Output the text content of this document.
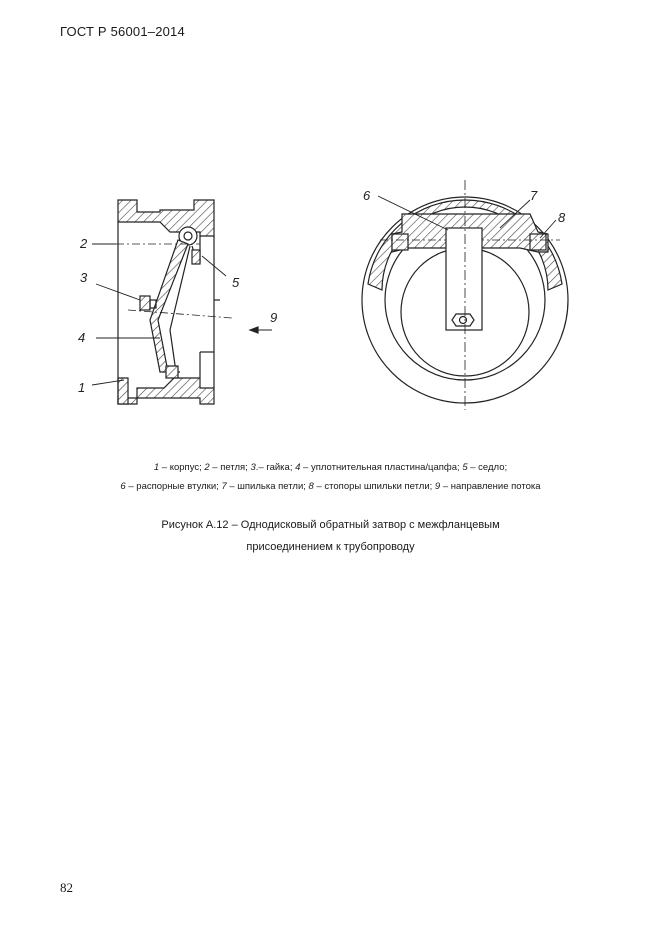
ГОСТ Р 56001–2014
2
3
4
1
5
9
6	7
8
1 – корпус; 2 – петля; 3.– гайка; 4 – уплотнительная пластина/цапфа; 5 – седло;
6 – распорные втулки; 7 – шпилька петли; 8 – стопоры шпильки петли; 9 – направление потока
Рисунок А.12 – Однодисковый обратный затвор с межфланцевым
присоединением к трубопроводу
82
